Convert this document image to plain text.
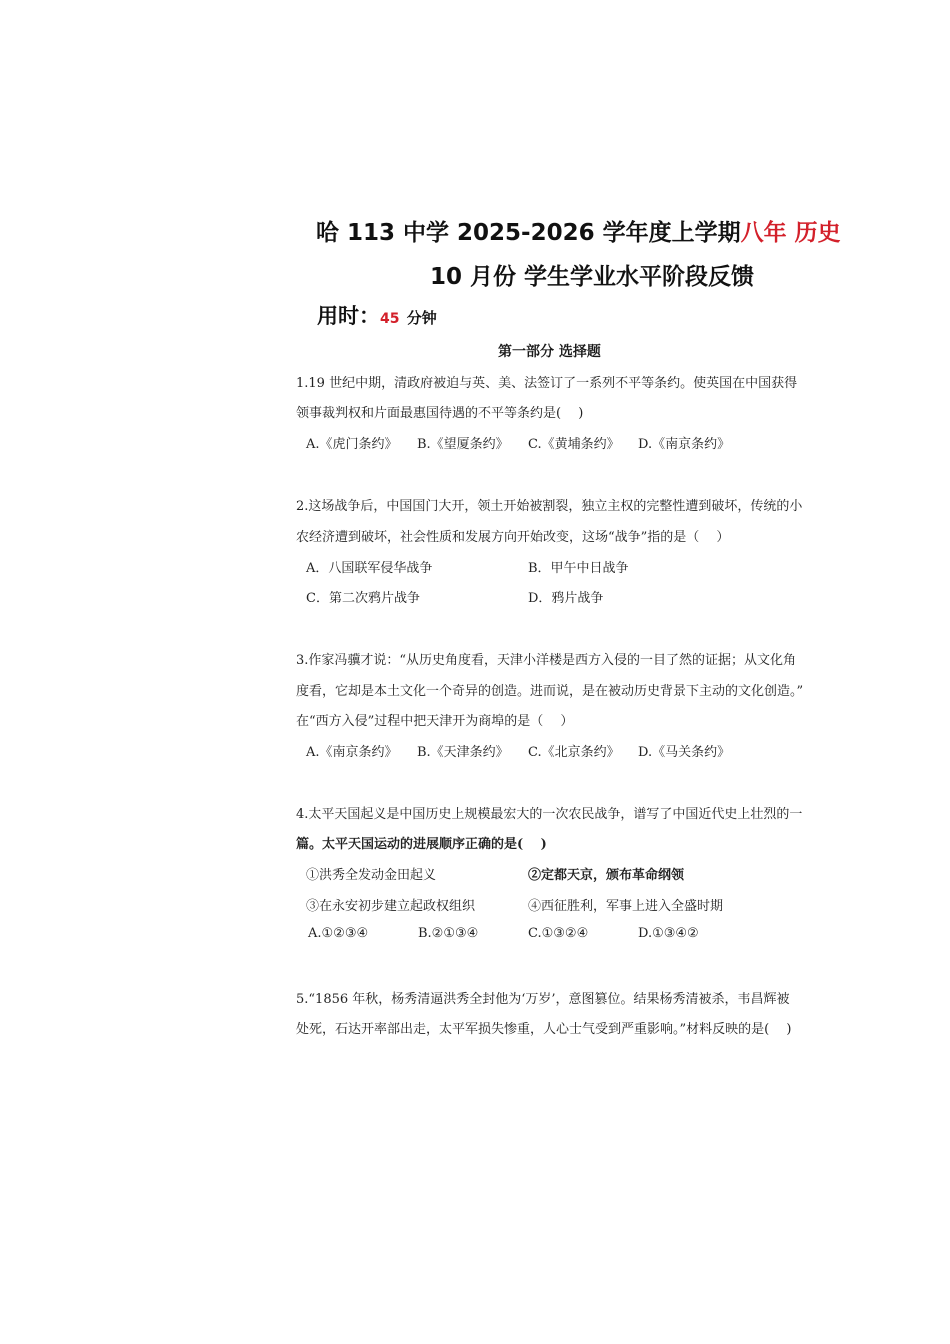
哈 113 中学 2025-2026 学年度上学期八年 历史
10 月份 学生学业水平阶段反馈
用时：45 分钟
第一部分 选择题
1.19 世纪中期，清政府被迫与英、美、法签订了一系列不平等条约。使英国在中国获得
领事裁判权和片面最惠国待遇的不平等条约是(　 )
A.《虎门条约》 B.《望厦条约》 C.《黄埔条约》 D.《南京条约》
2.这场战争后，中国国门大开，领土开始被割裂，独立主权的完整性遭到破坏，传统的小
农经济遭到破坏，社会性质和发展方向开始改变，这场“战争”指的是（　 ）
A．八国联军侵华战争	B．甲午中日战争
C．第二次鸦片战争	D．鸦片战争
3.作家冯骥才说：“从历史角度看，天津小洋楼是西方入侵的一目了然的证据；从文化角
度看，它却是本土文化一个奇异的创造。进而说，是在被动历史背景下主动的文化创造。”
在“西方入侵”过程中把天津开为商埠的是（　 ）
A.《南京条约》 B.《天津条约》 C.《北京条约》 D.《马关条约》
4.太平天国起义是中国历史上规模最宏大的一次农民战争，谱写了中国近代史上壮烈的一
篇。太平天国运动的进展顺序正确的是(　 )
①洪秀全发动金田起义	②定都天京，颁布革命纲领
③在永安初步建立起政权组织	④西征胜利，军事上进入全盛时期
A.①②③④	B.②①③④	C.①③②④	D.①③④②
5.“1856 年秋，杨秀清逼洪秀全封他为‘万岁’，意图篡位。结果杨秀清被杀，韦昌辉被
处死，石达开率部出走，太平军损失惨重，人心士气受到严重影响。”材料反映的是(　 )
